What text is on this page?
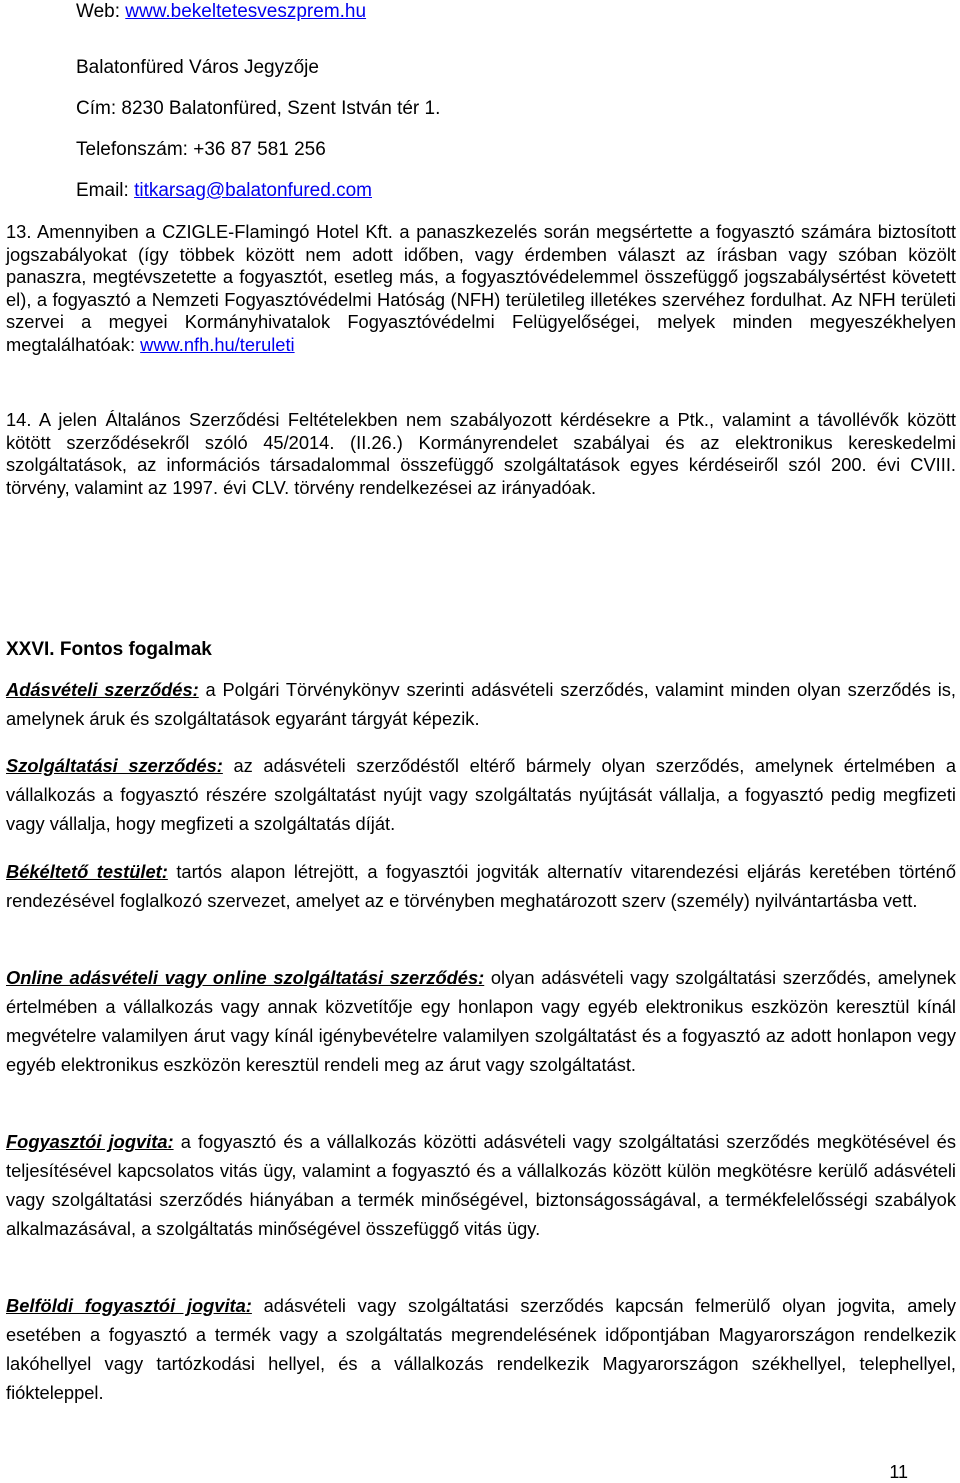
Web: www.bekeltetesveszprem.hu
Balatonfüred Város Jegyzője
Cím: 8230 Balatonfüred, Szent István tér 1.
Telefonszám: +36 87 581 256
Email: titkarsag@balatonfured.com
13. Amennyiben a CZIGLE-Flamingó Hotel Kft. a panaszkezelés során megsértette a fogyasztó számára biztosított jogszabályokat (így többek között nem adott időben, vagy érdemben választ az írásban vagy szóban közölt panaszra, megtévszetette a fogyasztót, esetleg más, a fogyasztóvédelemmel összefüggő jogszabálysértést követett el), a fogyasztó a Nemzeti Fogyasztóvédelmi Hatóság (NFH) területileg illetékes szervéhez fordulhat. Az NFH területi szervei a megyei Kormányhivatalok Fogyasztóvédelmi Felügyelőségei, melyek minden megyeszékhelyen megtalálhatóak: www.nfh.hu/teruleti
14. A jelen Általános Szerződési Feltételekben nem szabályozott kérdésekre a Ptk., valamint a távollévők között kötött szerződésekről szóló 45/2014. (II.26.) Kormányrendelet szabályai és az elektronikus kereskedelmi szolgáltatások, az információs társadalommal összefüggő szolgáltatások egyes kérdéseiről szól 200. évi CVIII. törvény, valamint az 1997. évi CLV. törvény rendelkezései az irányadóak.
XXVI. Fontos fogalmak
Adásvételi szerződés: a Polgári Törvénykönyv szerinti adásvételi szerződés, valamint minden olyan szerződés is, amelynek áruk és szolgáltatások egyaránt tárgyát képezik.
Szolgáltatási szerződés: az adásvételi szerződéstől eltérő bármely olyan szerződés, amelynek értelmében a vállalkozás a fogyasztó részére szolgáltatást nyújt vagy szolgáltatás nyújtását vállalja, a fogyasztó pedig megfizeti vagy vállalja, hogy megfizeti a szolgáltatás díját.
Békéltető testület: tartós alapon létrejött, a fogyasztói jogviták alternatív vitarendezési eljárás keretében történő rendezésével foglalkozó szervezet, amelyet az e törvényben meghatározott szerv (személy) nyilvántartásba vett.
Online adásvételi vagy online szolgáltatási szerződés: olyan adásvételi vagy szolgáltatási szerződés, amelynek értelmében a vállalkozás vagy annak közvetítője egy honlapon vagy egyéb elektronikus eszközön keresztül kínál megvételre valamilyen árut vagy kínál igénybevételre valamilyen szolgáltatást és a fogyasztó az adott honlapon vegy egyéb elektronikus eszközön keresztül rendeli meg az árut vagy szolgáltatást.
Fogyasztói jogvita: a fogyasztó és a vállalkozás közötti adásvételi vagy szolgáltatási szerződés megkötésével és teljesítésével kapcsolatos vitás ügy, valamint a fogyasztó és a vállalkozás között külön megkötésre kerülő adásvételi vagy szolgáltatási szerződés hiányában a termék minőségével, biztonságosságával, a termékfelelősségi szabályok alkalmazásával, a szolgáltatás minőségével összefüggő vitás ügy.
Belföldi fogyasztói jogvita: adásvételi vagy szolgáltatási szerződés kapcsán felmerülő olyan jogvita, amely esetében a fogyasztó a termék vagy a szolgáltatás megrendelésének időpontjában Magyarországon rendelkezik lakóhellyel vagy tartózkodási hellyel, és a vállalkozás rendelkezik Magyarországon székhellyel, telephellyel, fiókteleppel.
11
